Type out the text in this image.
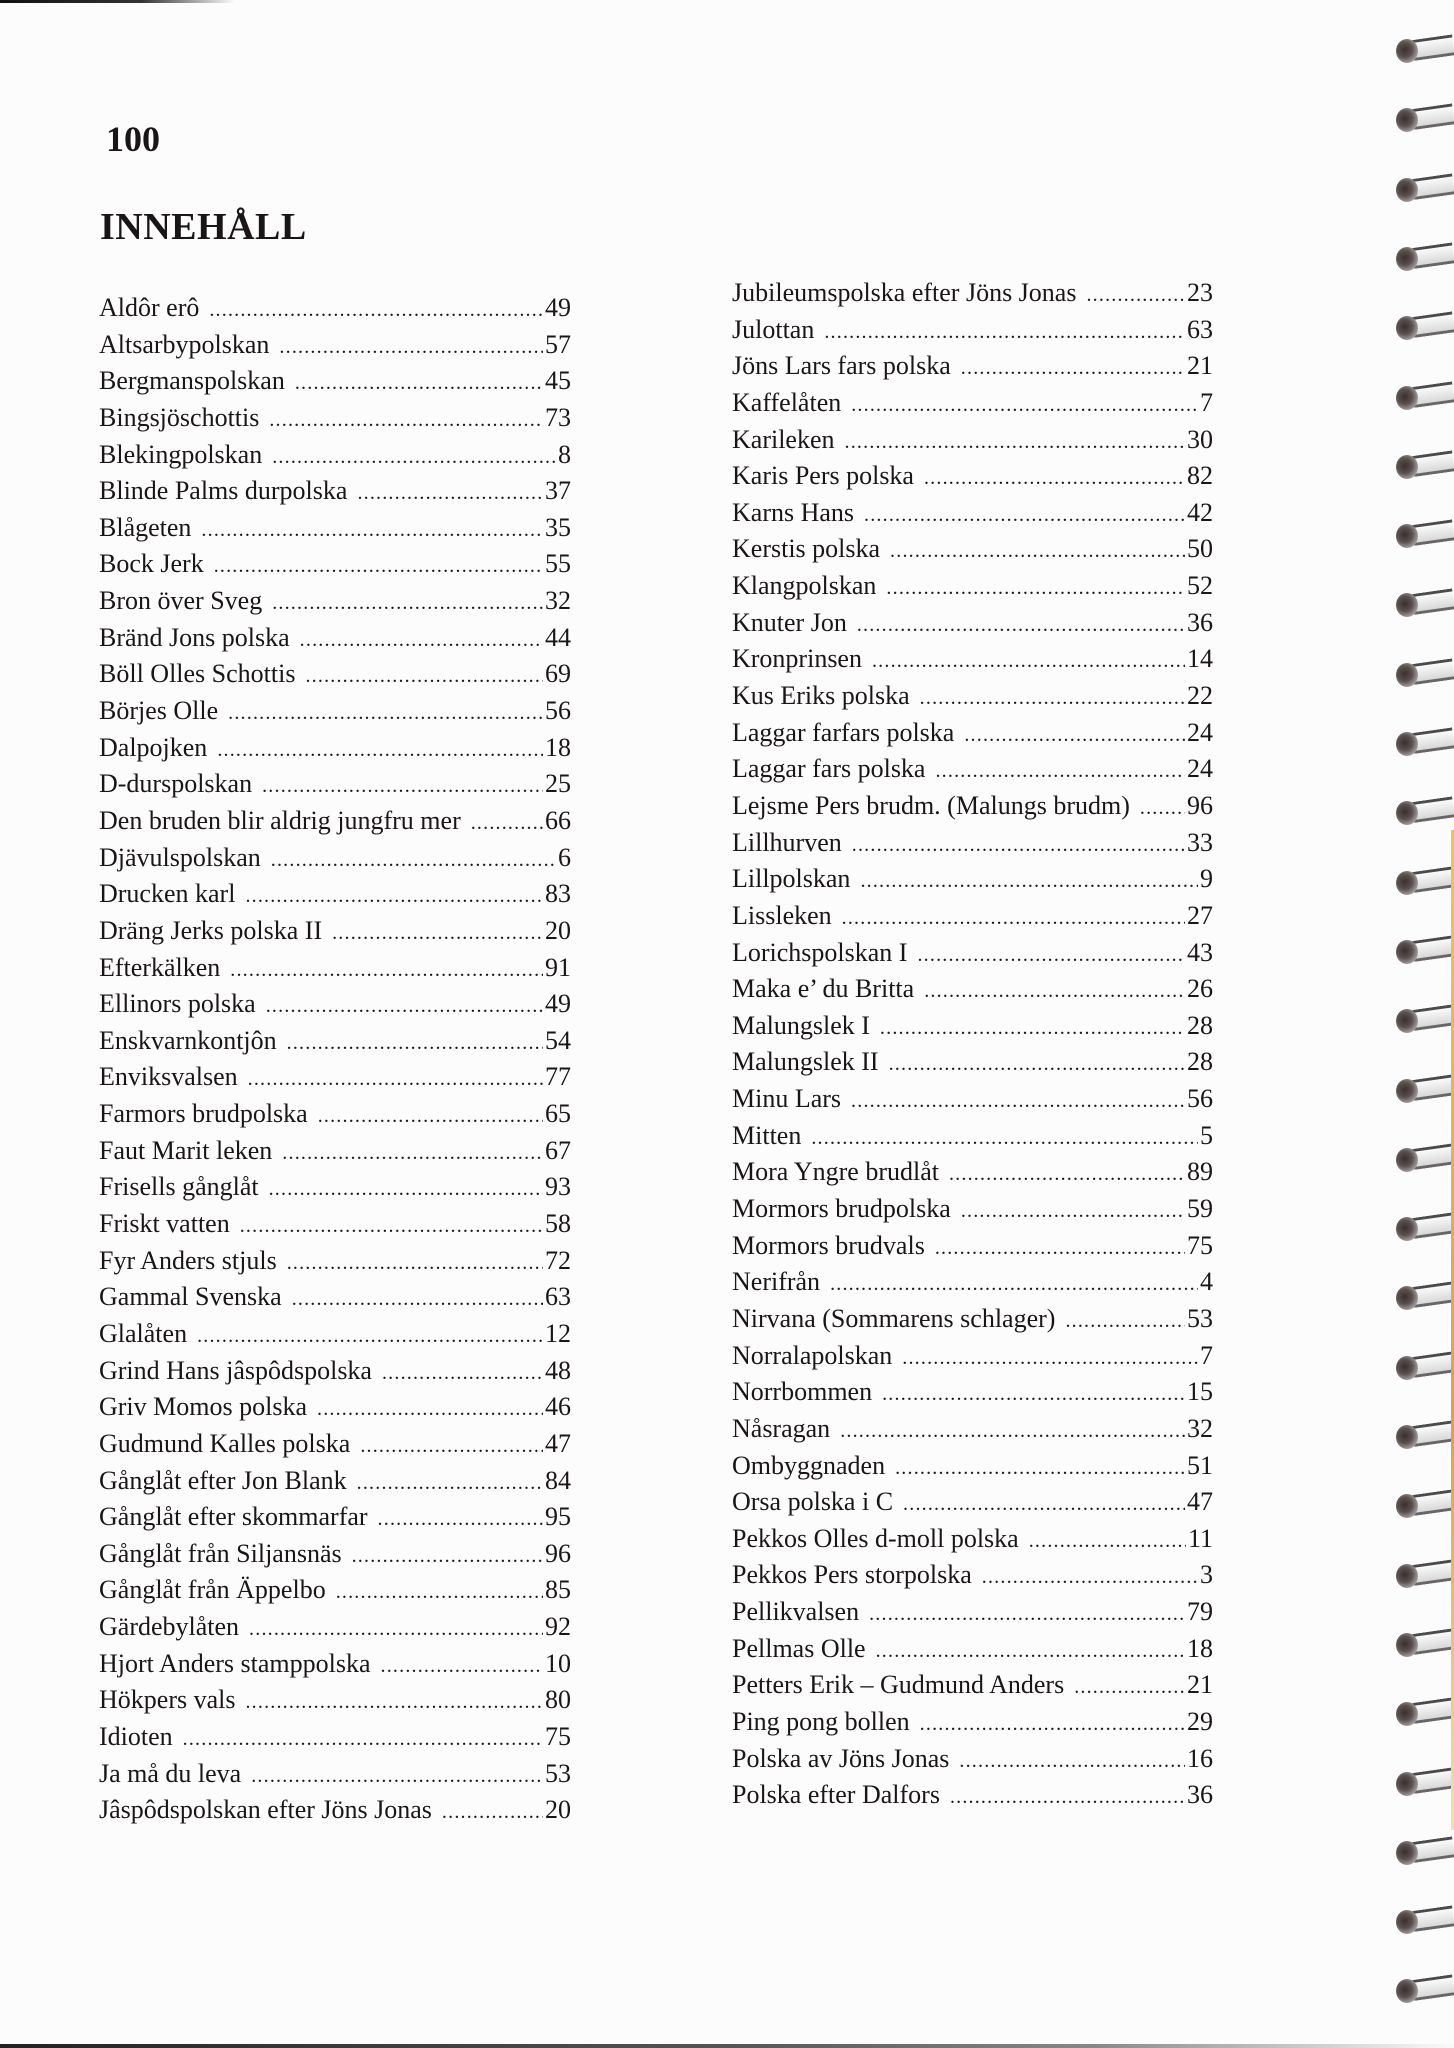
100
INNEHÅLL
Aldôr erô .....	49
Altsarbypolskan .....	57
Bergmanspolskan .....	45
Bingsjöschottis .....	73
Blekingpolskan .....	8
Blinde Palms durpolska .....	37
Blågeten .....	35
Bock Jerk .....	55
Bron över Sveg .....	32
Bränd Jons polska .....	44
Böll Olles Schottis .....	69
Börjes Olle .....	56
Dalpojken .....	18
D-durspolskan .....	25
Den bruden blir aldrig jungfru mer .....	66
Djävulspolskan .....	6
Drucken karl .....	83
Dräng Jerks polska II .....	20
Efterkälken .....	91
Ellinors polska .....	49
Enskvarnkontjôn .....	54
Enviksvalsen .....	77
Farmors brudpolska .....	65
Faut Marit leken .....	67
Frisells gånglåt .....	93
Friskt vatten .....	58
Fyr Anders stjuls .....	72
Gammal Svenska .....	63
Glalåten .....	12
Grind Hans jâspôdspolska .....	48
Griv Momos polska .....	46
Gudmund Kalles polska .....	47
Gånglåt efter Jon Blank .....	84
Gånglåt efter skommarfar .....	95
Gånglåt från Siljansnäs .....	96
Gånglåt från Äppelbo .....	85
Gärdebylåten .....	92
Hjort Anders stamppolska .....	10
Hökpers vals .....	80
Idioten .....	75
Ja må du leva .....	53
Jâspôdspolskan efter Jöns Jonas .....	20
Jubileumspolska efter Jöns Jonas .....	23
Julottan .....	63
Jöns Lars fars polska .....	21
Kaffelåten .....	7
Karileken .....	30
Karis Pers polska .....	82
Karns Hans .....	42
Kerstis polska .....	50
Klangpolskan .....	52
Knuter Jon .....	36
Kronprinsen .....	14
Kus Eriks polska .....	22
Laggar farfars polska .....	24
Laggar fars polska .....	24
Lejsme Pers brudm. (Malungs brudm) ..... 96
Lillhurven .....	33
Lillpolskan .....	9
Lissleken .....	27
Lorichspolskan I .....	43
Maka e’ du Britta .....	26
Malungslek I .....	28
Malungslek II .....	28
Minu Lars .....	56
Mitten .....	5
Mora Yngre brudlåt .....	89
Mormors brudpolska .....	59
Mormors brudvals .....	75
Nerifrån .....	4
Nirvana (Sommarens schlager) .....	53
Norralapolskan .....	7
Norrbommen .....	15
Nåsragan .....	32
Ombyggnaden .....	51
Orsa polska i C .....	47
Pekkos Olles d-moll polska .....	11
Pekkos Pers storpolska .....	3
Pellikvalsen .....	79
Pellmas Olle .....	18
Petters Erik – Gudmund Anders .....	21
Ping pong bollen .....	29
Polska av Jöns Jonas .....	16
Polska efter Dalfors .....	36
